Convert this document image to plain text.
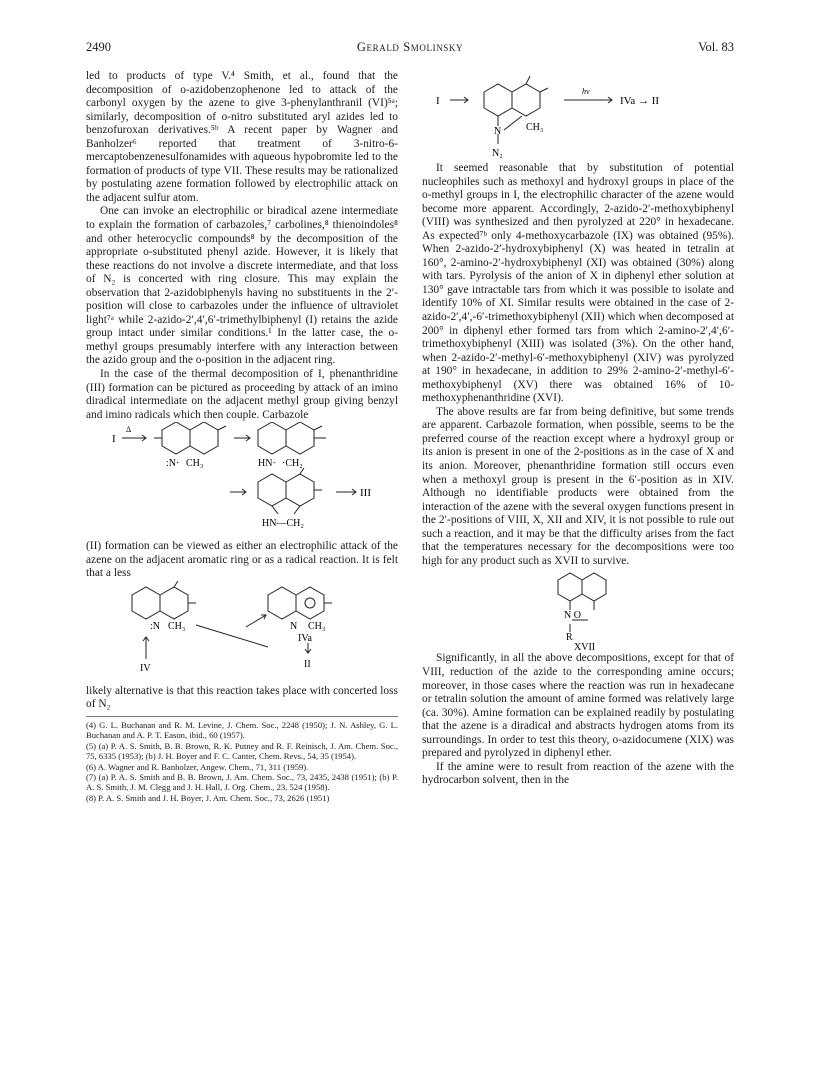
2490	Gerald Smolinsky	Vol. 83

led to products of type V.⁴ Smith, et al., found that the decomposition of o-azidobenzophenone led to attack of the carbonyl oxygen by the azene to give 3-phenylanthranil (VI)⁵ᵃ; similarly, decomposition of o-nitro substituted aryl azides led to benzofuroxan derivatives.⁵ᵇ A recent paper by Wagner and Banholzer⁶ reported that treatment of 3-nitro-6-mercaptobenzenesulfonamides with aqueous hypobromite led to the formation of products of type VII. These results may be rationalized by postulating azene formation followed by electrophilic attack on the adjacent sulfur atom.

One can invoke an electrophilic or biradical azene intermediate to explain the formation of carbazoles,⁷ carbolines,⁸ thienoindoles⁸ and other heterocyclic compounds⁸ by the decomposition of the appropriate o-substituted phenyl azide. However, it is likely that these reactions do not involve a discrete intermediate, and that loss of N₂ is concerted with ring closure. This may explain the observation that 2-azidobiphenyls having no substituents in the 2′-position will close to carbazoles under the influence of ultraviolet light⁷ᵃ while 2-azido-2′,4′,6′-trimethylbiphenyl (I) retains the azide group intact under similar conditions.¹ In the latter case, the o-methyl groups presumably interfere with any interaction between the azido group and the o-position in the adjacent ring.

In the case of the thermal decomposition of I, phenanthridine (III) formation can be pictured as proceeding by attack of an imino diradical intermediate on the adjacent methyl group giving benzyl and imino radicals which then couple. Carbazole

I
Δ
:N· CH₃	HN· ·CH₂
HN—CH₂
III

(II) formation can be viewed as either an electrophilic attack of the azene on the adjacent aromatic ring or as a radical reaction. It is felt that a less

:N CH₃	N CH₃
IVa
IV	II

likely alternative is that this reaction takes place with concerted loss of N₂

(4) G. L. Buchanan and R. M. Levine, J. Chem. Soc., 2248 (1950); J. N. Ashley, G. L. Buchanan and A. P. T. Eason, ibid., 60 (1957).

(5) (a) P. A. S. Smith, B. B. Brown, R. K. Putney and R. F. Reinisch, J. Am. Chem. Soc., 75, 6335 (1953); (b) J. H. Boyer and F. C. Canter, Chem. Revs., 54, 35 (1954).

(6) A. Wagner and R. Banholzer, Angew. Chem., 71, 311 (1959).

(7) (a) P. A. S. Smith and B. B. Brown, J. Am. Chem. Soc., 73, 2435, 2438 (1951); (b) P. A. S. Smith, J. M. Clegg and J. H. Hall, J. Org. Chem., 23, 524 (1958).

(8) P. A. S. Smith and J. H. Boyer, J. Am. Chem. Soc., 73, 2626 (1951)

I
hν
IVa → II
N CH₃
N₂

It seemed reasonable that by substitution of potential nucleophiles such as methoxyl and hydroxyl groups in place of the o-methyl groups in I, the electrophilic character of the azene would become more apparent. Accordingly, 2-azido-2′-methoxybiphenyl (VIII) was synthesized and then pyrolyzed at 220° in hexadecane. As expected⁷ᵇ only 4-methoxycarbazole (IX) was obtained (95%). When 2-azido-2′-hydroxybiphenyl (X) was heated in tetralin at 160°, 2-amino-2′-hydroxybiphenyl (XI) was obtained (30%) along with tars. Pyrolysis of the anion of X in diphenyl ether solution at 130° gave intractable tars from which it was possible to isolate and identify 10% of XI. Similar results were obtained in the case of 2-azido-2′,4′,-6′-trimethoxybiphenyl (XII) which when decomposed at 200° in diphenyl ether formed tars from which 2-amino-2′,4′,6′-trimethoxybiphenyl (XIII) was isolated (3%). On the other hand, when 2-azido-2′-methyl-6′-methoxybiphenyl (XIV) was pyrolyzed at 190° in hexadecane, in addition to 29% 2-amino-2′-methyl-6′-methoxybiphenyl (XV) there was obtained 16% of 10-methoxyphenanthridine (XVI).

The above results are far from being definitive, but some trends are apparent. Carbazole formation, when possible, seems to be the preferred course of the reaction except where a hydroxyl group or its anion is present in one of the 2-positions as in the case of X and its anion. Moreover, phenanthridine formation still occurs even when a methoxyl group is present in the 6′-position as in XIV. Although no identifiable products were obtained from the interaction of the azene with the several oxygen functions present in the 2′-positions of VIII, X, XII and XIV, it is not possible to rule out such a reaction, and it may be that the difficulty arises from the fact that the temperatures necessary for the decompositions were too high for any product such as XVII to survive.

N O
R
XVII

Significantly, in all the above decompositions, except for that of VIII, reduction of the azide to the corresponding amine occurs; moreover, in those cases where the reaction was run in hexadecane or tetralin solution the amount of amine formed was relatively large (ca. 30%). Amine formation can be explained readily by postulating that the azene is a diradical and abstracts hydrogen atoms from its surroundings. In order to test this theory, o-azidocumene (XIX) was prepared and pyrolyzed in diphenyl ether.

If the amine were to result from reaction of the azene with the hydrocarbon solvent, then in the
